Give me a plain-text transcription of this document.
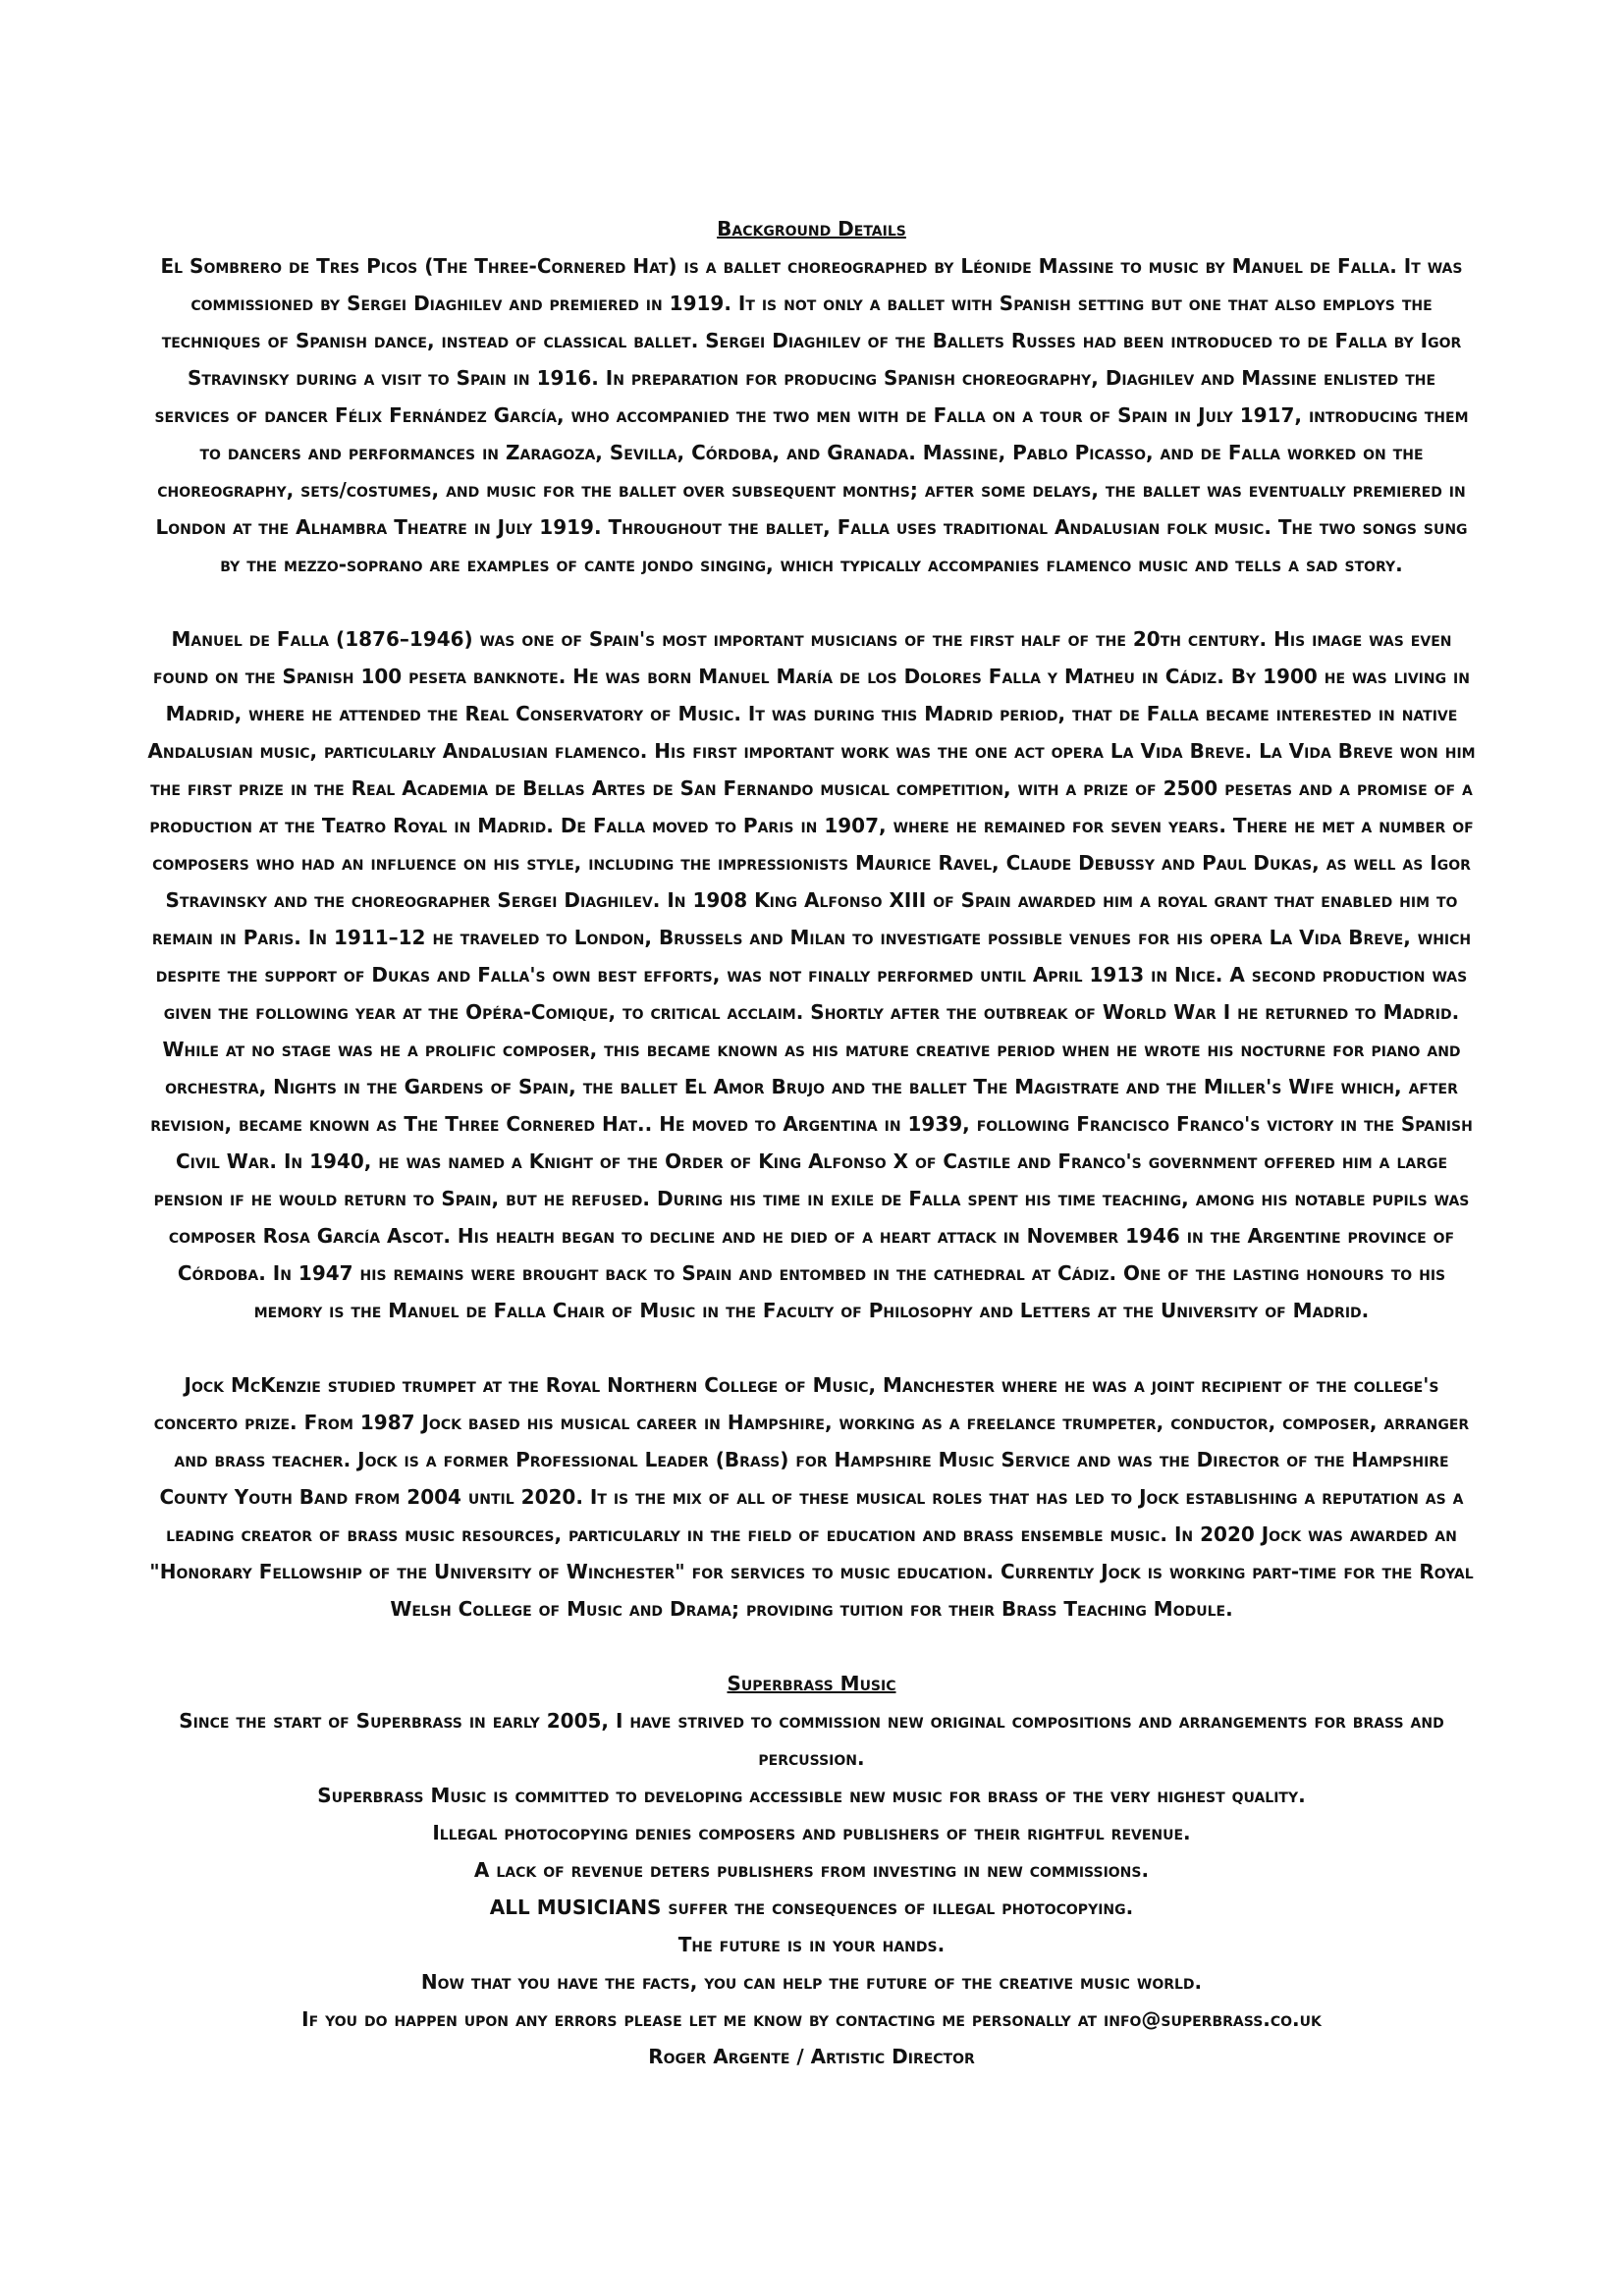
Background Details

El Sombrero de Tres Picos (The Three-Cornered Hat) is a ballet choreographed by Léonide Massine to music by Manuel de Falla. It was commissioned by Sergei Diaghilev and premiered in 1919. It is not only a ballet with Spanish setting but one that also employs the techniques of Spanish dance, instead of classical ballet. Sergei Diaghilev of the Ballets Russes had been introduced to de Falla by Igor Stravinsky during a visit to Spain in 1916. In preparation for producing Spanish choreography, Diaghilev and Massine enlisted the services of dancer Félix Fernández García, who accompanied the two men with de Falla on a tour of Spain in July 1917, introducing them to dancers and performances in Zaragoza, Sevilla, Córdoba, and Granada. Massine, Pablo Picasso, and de Falla worked on the choreography, sets/costumes, and music for the ballet over subsequent months; after some delays, the ballet was eventually premiered in London at the Alhambra Theatre in July 1919. Throughout the ballet, Falla uses traditional Andalusian folk music. The two songs sung by the mezzo-soprano are examples of cante jondo singing, which typically accompanies flamenco music and tells a sad story.

Manuel de Falla (1876–1946) was one of Spain's most important musicians of the first half of the 20th century. His image was even found on the Spanish 100 peseta banknote. He was born Manuel María de los Dolores Falla y Matheu in Cádiz. By 1900 he was living in Madrid, where he attended the Real Conservatory of Music. It was during this Madrid period, that de Falla became interested in native Andalusian music, particularly Andalusian flamenco. His first important work was the one act opera La Vida Breve. La Vida Breve won him the first prize in the Real Academia de Bellas Artes de San Fernando musical competition, with a prize of 2500 pesetas and a promise of a production at the Teatro Royal in Madrid. De Falla moved to Paris in 1907, where he remained for seven years. There he met a number of composers who had an influence on his style, including the impressionists Maurice Ravel, Claude Debussy and Paul Dukas, as well as Igor Stravinsky and the choreographer Sergei Diaghilev. In 1908 King Alfonso XIII of Spain awarded him a royal grant that enabled him to remain in Paris. In 1911–12 he traveled to London, Brussels and Milan to investigate possible venues for his opera La Vida Breve, which despite the support of Dukas and Falla's own best efforts, was not finally performed until April 1913 in Nice. A second production was given the following year at the Opéra-Comique, to critical acclaim. Shortly after the outbreak of World War I he returned to Madrid. While at no stage was he a prolific composer, this became known as his mature creative period when he wrote his nocturne for piano and orchestra, Nights in the Gardens of Spain, the ballet El Amor Brujo and the ballet The Magistrate and the Miller's Wife which, after revision, became known as The Three Cornered Hat.. He moved to Argentina in 1939, following Francisco Franco's victory in the Spanish Civil War. In 1940, he was named a Knight of the Order of King Alfonso X of Castile and Franco's government offered him a large pension if he would return to Spain, but he refused. During his time in exile de Falla spent his time teaching, among his notable pupils was composer Rosa García Ascot. His health began to decline and he died of a heart attack in November 1946 in the Argentine province of Córdoba. In 1947 his remains were brought back to Spain and entombed in the cathedral at Cádiz. One of the lasting honours to his memory is the Manuel de Falla Chair of Music in the Faculty of Philosophy and Letters at the University of Madrid.

Jock McKenzie studied trumpet at the Royal Northern College of Music, Manchester where he was a joint recipient of the college's concerto prize. From 1987 Jock based his musical career in Hampshire, working as a freelance trumpeter, conductor, composer, arranger and brass teacher. Jock is a former Professional Leader (Brass) for Hampshire Music Service and was the Director of the Hampshire County Youth Band from 2004 until 2020. It is the mix of all of these musical roles that has led to Jock establishing a reputation as a leading creator of brass music resources, particularly in the field of education and brass ensemble music. In 2020 Jock was awarded an "Honorary Fellowship of the University of Winchester" for services to music education. Currently Jock is working part-time for the Royal Welsh College of Music and Drama; providing tuition for their Brass Teaching Module.

Superbrass Music

Since the start of Superbrass in early 2005, I have strived to commission new original compositions and arrangements for brass and percussion.

Superbrass Music is committed to developing accessible new music for brass of the very highest quality.

Illegal photocopying denies composers and publishers of their rightful revenue.

A lack of revenue deters publishers from investing in new commissions.

ALL MUSICIANS suffer the consequences of illegal photocopying.

The future is in your hands.

Now that you have the facts, you can help the future of the creative music world.

If you do happen upon any errors please let me know by contacting me personally at info@superbrass.co.uk

Roger Argente / Artistic Director
